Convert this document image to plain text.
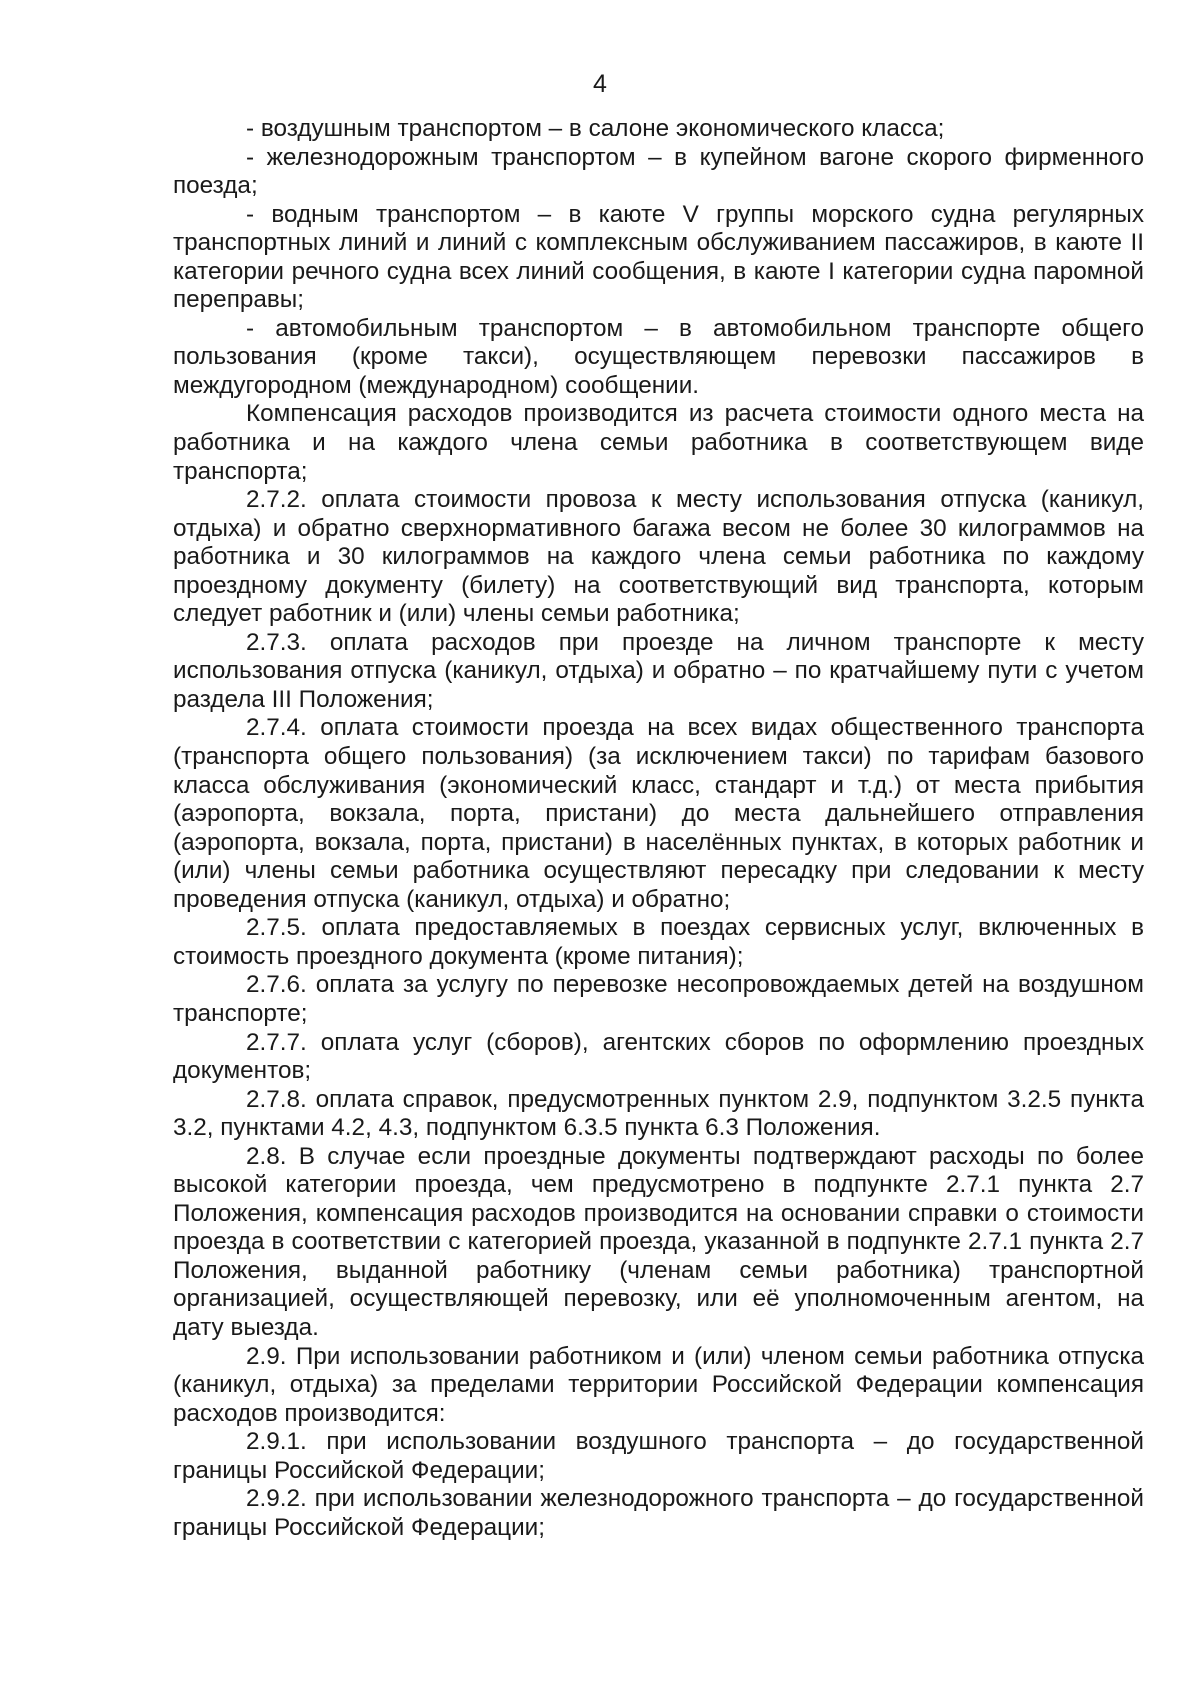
4

- воздушным транспортом – в салоне экономического класса;

- железнодорожным транспортом – в купейном вагоне скорого фирменного поезда;

- водным транспортом – в каюте V группы морского судна регулярных транспортных линий и линий с комплексным обслуживанием пассажиров, в каюте II категории речного судна всех линий сообщения, в каюте I категории судна паромной переправы;

- автомобильным транспортом – в автомобильном транспорте общего пользования (кроме такси), осуществляющем перевозки пассажиров в междугородном (международном) сообщении.

Компенсация расходов производится из расчета стоимости одного места на работника и на каждого члена семьи работника в соответствующем виде транспорта;

2.7.2. оплата стоимости провоза к месту использования отпуска (каникул, отдыха) и обратно сверхнормативного багажа весом не более 30 килограммов на работника и 30 килограммов на каждого члена семьи работника по каждому проездному документу (билету) на соответствующий вид транспорта, которым следует работник и (или) члены семьи работника;

2.7.3. оплата расходов при проезде на личном транспорте к месту использования отпуска (каникул, отдыха) и обратно – по кратчайшему пути с учетом раздела III Положения;

2.7.4. оплата стоимости проезда на всех видах общественного транспорта (транспорта общего пользования) (за исключением такси) по тарифам базового класса обслуживания (экономический класс, стандарт и т.д.) от места прибытия (аэропорта, вокзала, порта, пристани) до места дальнейшего отправления (аэропорта, вокзала, порта, пристани) в населённых пунктах, в которых работник и (или) члены семьи работника осуществляют пересадку при следовании к месту проведения отпуска (каникул, отдыха) и обратно;

2.7.5. оплата предоставляемых в поездах сервисных услуг, включенных в стоимость проездного документа (кроме питания);

2.7.6. оплата за услугу по перевозке несопровождаемых детей на воздушном транспорте;

2.7.7. оплата услуг (сборов), агентских сборов по оформлению проездных документов;

2.7.8. оплата справок, предусмотренных пунктом 2.9, подпунктом 3.2.5 пункта 3.2, пунктами 4.2, 4.3, подпунктом 6.3.5 пункта 6.3 Положения.

2.8. В случае если проездные документы подтверждают расходы по более высокой категории проезда, чем предусмотрено в подпункте 2.7.1 пункта 2.7 Положения, компенсация расходов производится на основании справки о стоимости проезда в соответствии с категорией проезда, указанной в подпункте 2.7.1 пункта 2.7 Положения, выданной работнику (членам семьи работника) транспортной организацией, осуществляющей перевозку, или её уполномоченным агентом, на дату выезда.

2.9. При использовании работником и (или) членом семьи работника отпуска (каникул, отдыха) за пределами территории Российской Федерации компенсация расходов производится:

2.9.1. при использовании воздушного транспорта – до государственной границы Российской Федерации;

2.9.2. при использовании железнодорожного транспорта – до государственной границы Российской Федерации;
